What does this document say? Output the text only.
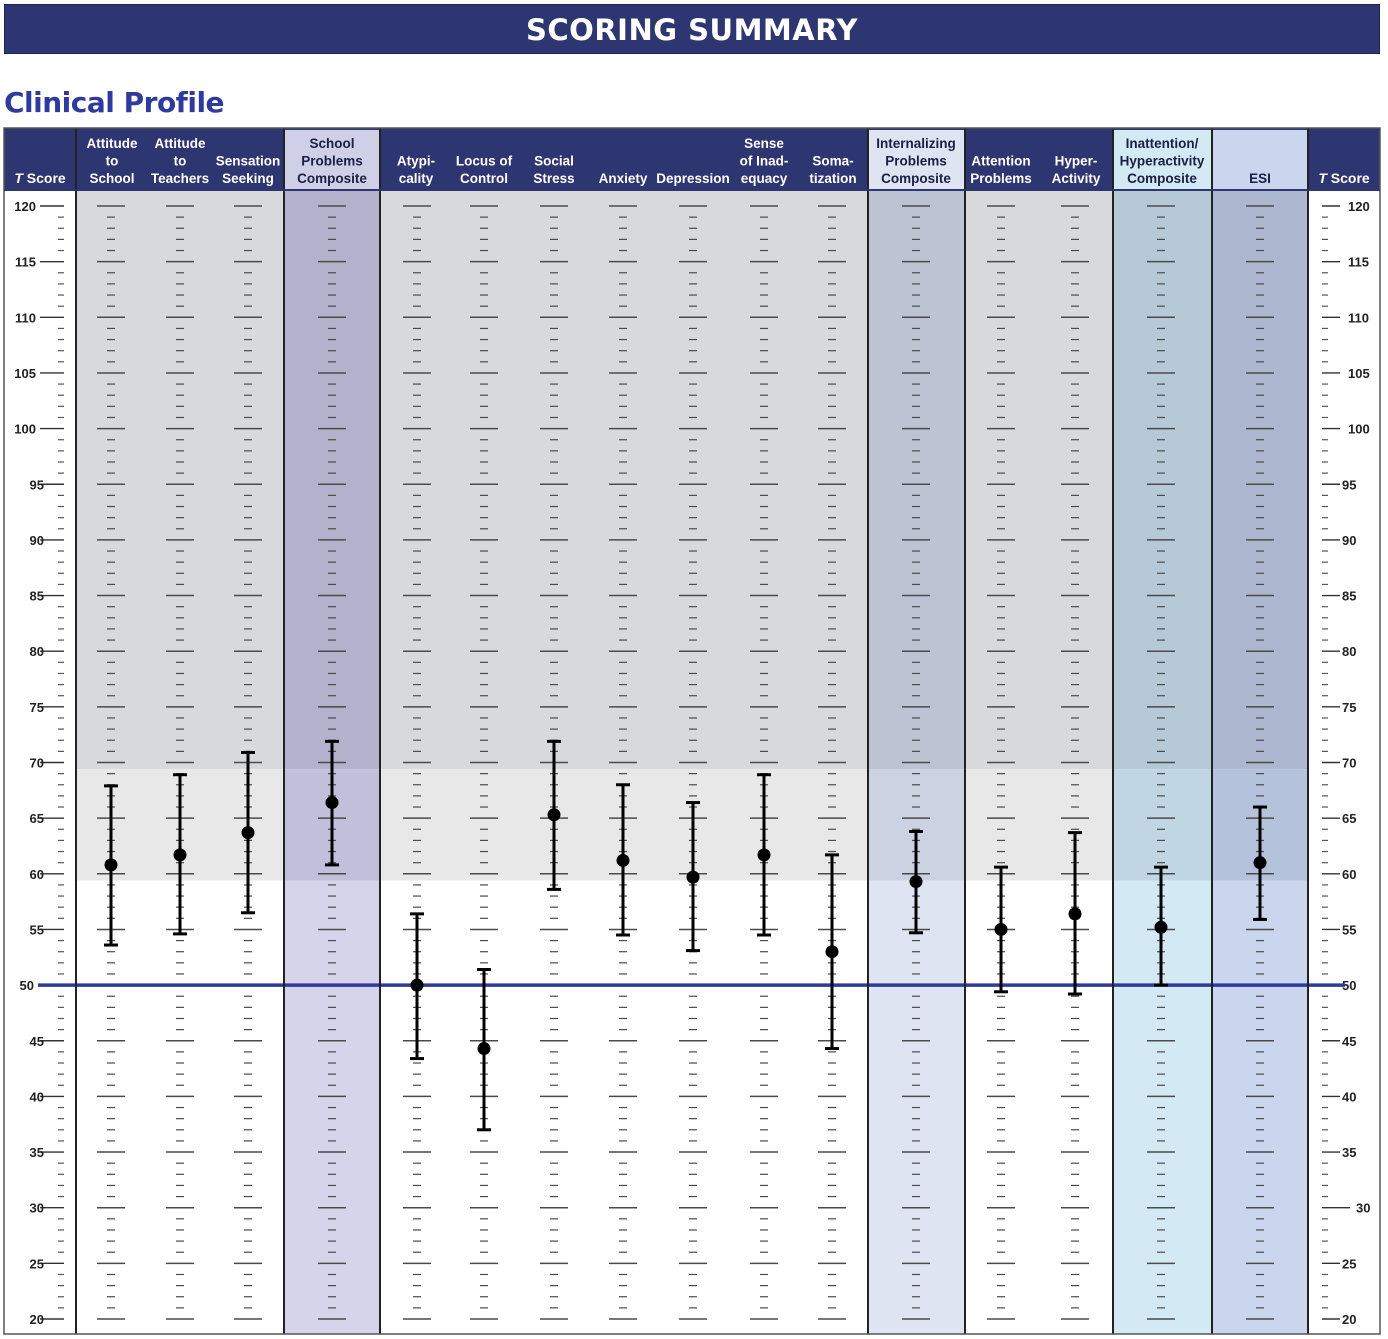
SCORING SUMMARY
Clinical Profile
Attitude to School
Attitude to Teachers
Sensation Seeking
School Problems Composite
Atypi-cality
Locus of Control
Social Stress Anxiety Depression
Sense of Inad-equacy
Soma-tization
Internalizing Problems Composite
Attention Problems
Hyper-Activity
Inattention/ Hyperactivity Composite	ESI
T Score	T Score
120	120
115	115
110	110
105	105
100	100
95	95
90	90
85	85
80	80
75	75
70	70
65	65
60	60
55	55
50	50
45	45
40	40
35	35
30	30
25	25
20	20
